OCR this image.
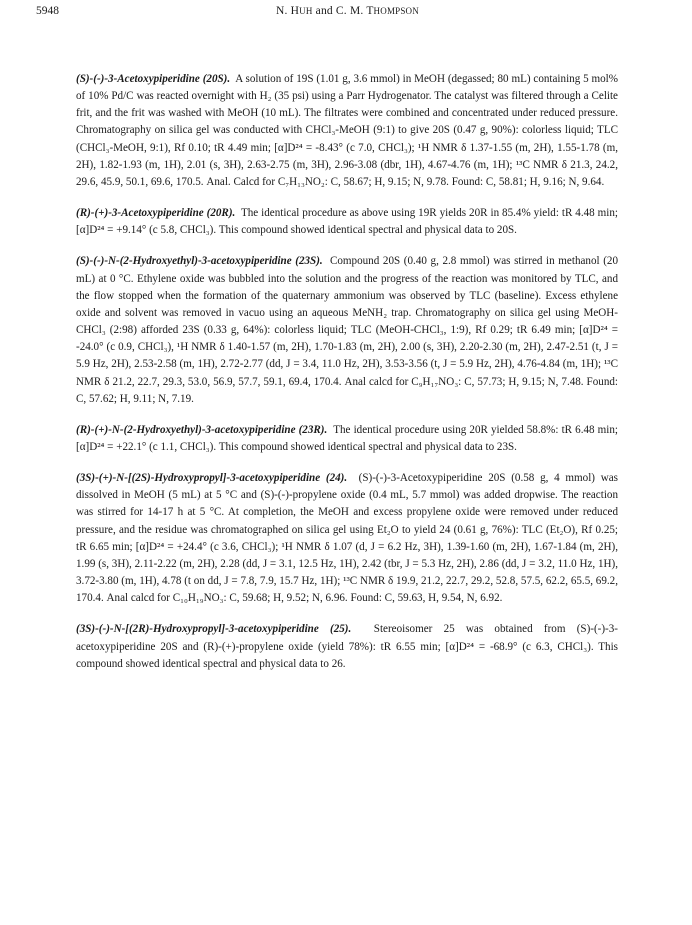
5948	N. HUH and C. M. THOMPSON

(S)-(-)-3-Acetoxypiperidine (20S). A solution of 19S (1.01 g, 3.6 mmol) in MeOH (degassed; 80 mL) containing 5 mol% of 10% Pd/C was reacted overnight with H₂ (35 psi) using a Parr Hydrogenator. The catalyst was filtered through a Celite frit, and the frit was washed with MeOH (10 mL). The filtrates were combined and concentrated under reduced pressure. Chromatography on silica gel was conducted with CHCl₃-MeOH (9:1) to give 20S (0.47 g, 90%): colorless liquid; TLC (CHCl₃-MeOH, 9:1), Rf 0.10; tR 4.49 min; [α]D²⁴ = -8.43° (c 7.0, CHCl₃); ¹H NMR δ 1.37-1.55 (m, 2H), 1.55-1.78 (m, 2H), 1.82-1.93 (m, 1H), 2.01 (s, 3H), 2.63-2.75 (m, 3H), 2.96-3.08 (dbr, 1H), 4.67-4.76 (m, 1H); ¹³C NMR δ 21.3, 24.2, 29.6, 45.9, 50.1, 69.6, 170.5. Anal. Calcd for C₇H₁₃NO₂: C, 58.67; H, 9.15; N, 9.78. Found: C, 58.81; H, 9.16; N, 9.64.

(R)-(+)-3-Acetoxypiperidine (20R). The identical procedure as above using 19R yields 20R in 85.4% yield: tR 4.48 min; [α]D²⁴ = +9.14° (c 5.8, CHCl₃). This compound showed identical spectral and physical data to 20S.

(S)-(-)-N-(2-Hydroxyethyl)-3-acetoxypiperidine (23S). Compound 20S (0.40 g, 2.8 mmol) was stirred in methanol (20 mL) at 0 °C. Ethylene oxide was bubbled into the solution and the progress of the reaction was monitored by TLC, and the flow stopped when the formation of the quaternary ammonium was observed by TLC (baseline). Excess ethylene oxide and solvent was removed in vacuo using an aqueous MeNH₂ trap. Chromatography on silica gel using MeOH-CHCl₃ (2:98) afforded 23S (0.33 g, 64%): colorless liquid; TLC (MeOH-CHCl₃, 1:9), Rf 0.29; tR 6.49 min; [α]D²⁴ = -24.0° (c 0.9, CHCl₃), ¹H NMR δ 1.40-1.57 (m, 2H), 1.70-1.83 (m, 2H), 2.00 (s, 3H), 2.20-2.30 (m, 2H), 2.47-2.51 (t, J = 5.9 Hz, 2H), 2.53-2.58 (m, 1H), 2.72-2.77 (dd, J = 3.4, 11.0 Hz, 2H), 3.53-3.56 (t, J = 5.9 Hz, 2H), 4.76-4.84 (m, 1H); ¹³C NMR δ 21.2, 22.7, 29.3, 53.0, 56.9, 57.7, 59.1, 69.4, 170.4. Anal calcd for C₉H₁₇NO₃: C, 57.73; H, 9.15; N, 7.48. Found: C, 57.62; H, 9.11; N, 7.19.

(R)-(+)-N-(2-Hydroxyethyl)-3-acetoxypiperidine (23R). The identical procedure using 20R yielded 58.8%: tR 6.48 min; [α]D²⁴ = +22.1° (c 1.1, CHCl₃). This compound showed identical spectral and physical data to 23S.

(3S)-(+)-N-[(2S)-Hydroxypropyl]-3-acetoxypiperidine (24). (S)-(-)-3-Acetoxypiperidine 20S (0.58 g, 4 mmol) was dissolved in MeOH (5 mL) at 5 °C and (S)-(-)-propylene oxide (0.4 mL, 5.7 mmol) was added dropwise. The reaction was stirred for 14-17 h at 5 °C. At completion, the MeOH and excess propylene oxide were removed under reduced pressure, and the residue was chromatographed on silica gel using Et₂O to yield 24 (0.61 g, 76%): TLC (Et₂O), Rf 0.25; tR 6.65 min; [α]D²⁴ = +24.4° (c 3.6, CHCl₃); ¹H NMR δ 1.07 (d, J = 6.2 Hz, 3H), 1.39-1.60 (m, 2H), 1.67-1.84 (m, 2H), 1.99 (s, 3H), 2.11-2.22 (m, 2H), 2.28 (dd, J = 3.1, 12.5 Hz, 1H), 2.42 (tbr, J = 5.3 Hz, 2H), 2.86 (dd, J = 3.2, 11.0 Hz, 1H), 3.72-3.80 (m, 1H), 4.78 (t on dd, J = 7.8, 7.9, 15.7 Hz, 1H); ¹³C NMR δ 19.9, 21.2, 22.7, 29.2, 52.8, 57.5, 62.2, 65.5, 69.2, 170.4. Anal calcd for C₁₀H₁₉NO₃: C, 59.68; H, 9.52; N, 6.96. Found: C, 59.63, H, 9.54, N, 6.92.

(3S)-(-)-N-[(2R)-Hydroxypropyl]-3-acetoxypiperidine (25). Stereoisomer 25 was obtained from (S)-(-)-3-acetoxypiperidine 20S and (R)-(+)-propylene oxide (yield 78%): tR 6.55 min; [α]D²⁴ = -68.9° (c 6.3, CHCl₃). This compound showed identical spectral and physical data to 26.
